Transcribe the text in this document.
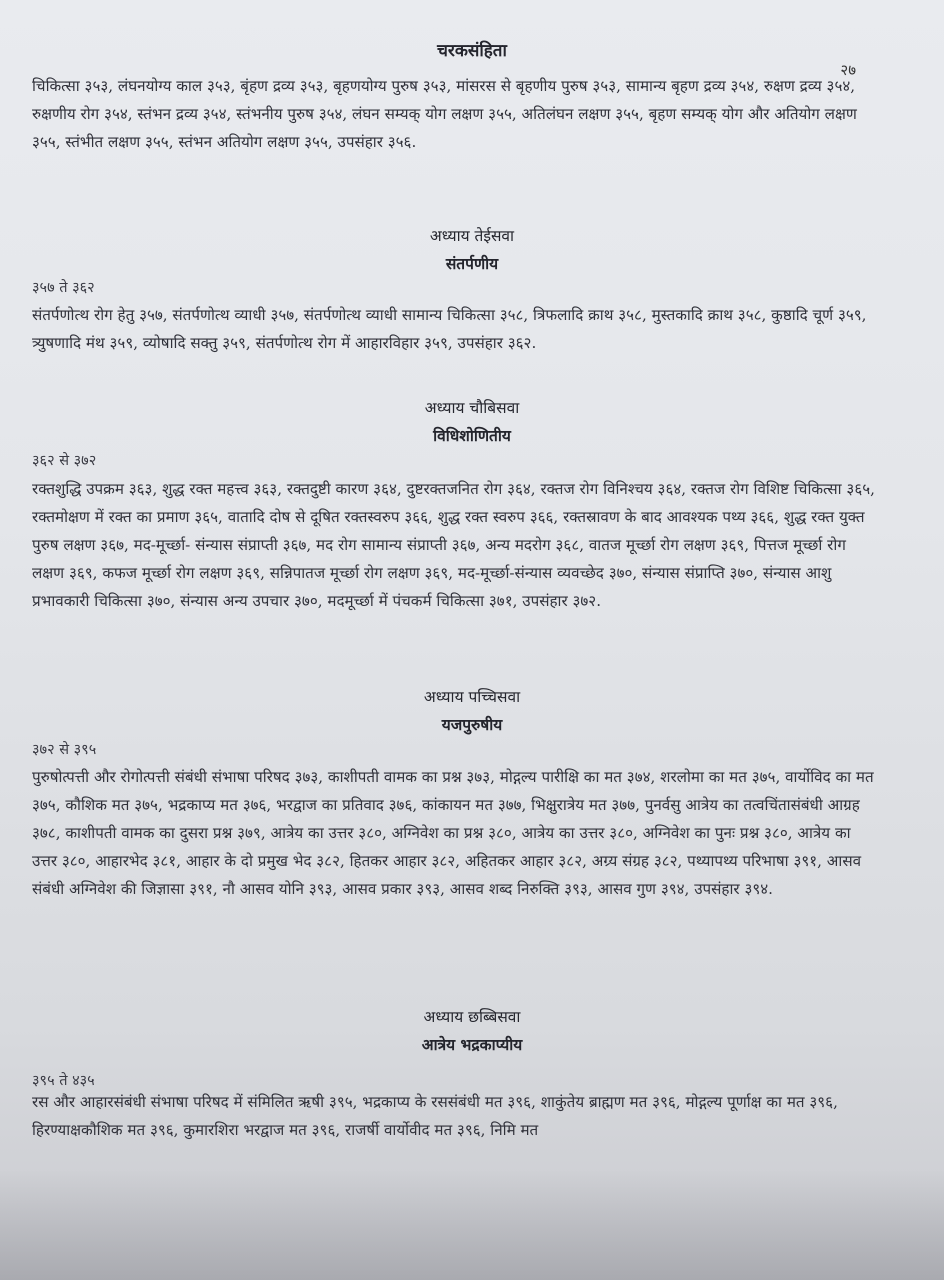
चरकसंहिता
२७
चिकित्सा ३५३, लंघनयोग्य काल ३५३, बृंहण द्रव्य ३५३, बृहणयोग्य पुरुष ३५३, मांसरस से बृहणीय पुरुष ३५३, सामान्य बृहण द्रव्य ३५४, रुक्षण द्रव्य ३५४, रुक्षणीय रोग ३५४, स्तंभन द्रव्य ३५४, स्तंभनीय पुरुष ३५४, लंघन सम्यक् योग लक्षण ३५५, अतिलंघन लक्षण ३५५, बृहण सम्यक् योग और अतियोग लक्षण ३५५, स्तंभीत लक्षण ३५५, स्तंभन अतियोग लक्षण ३५५, उपसंहार ३५६.
अध्याय तेईसवा
संतर्पणीय
३५७ ते ३६२
संतर्पणोत्थ रोग हेतु ३५७, संतर्पणोत्थ व्याधी ३५७, संतर्पणोत्थ व्याधी सामान्य चिकित्सा ३५८, त्रिफलादि क्राथ ३५८, मुस्तकादि क्राथ ३५८, कुष्ठादि चूर्ण ३५९, त्र्युषणादि मंथ ३५९, व्योषादि सक्तु ३५९, संतर्पणोत्थ रोग में आहारविहार ३५९, उपसंहार ३६२.
अध्याय चौबिसवा
विधिशोणितीय
३६२ से ३७२
रक्तशुद्धि उपक्रम ३६३, शुद्ध रक्त महत्त्व ३६३, रक्तदुष्टी कारण ३६४, दुष्टरक्तजनित रोग ३६४, रक्तज रोग विनिश्चय ३६४, रक्तज रोग विशिष्ट चिकित्सा ३६५, रक्तमोक्षण में रक्त का प्रमाण ३६५, वातादि दोष से दूषित रक्तस्वरुप ३६६, शुद्ध रक्त स्वरुप ३६६, रक्तस्रावण के बाद आवश्यक पथ्य ३६६, शुद्ध रक्त युक्त पुरुष लक्षण ३६७, मद-मूर्च्छा- संन्यास संप्राप्ती ३६७, मद रोग सामान्य संप्राप्ती ३६७, अन्य मदरोग ३६८, वातज मूर्च्छा रोग लक्षण ३६९, पित्तज मूर्च्छा रोग लक्षण ३६९, कफज मूर्च्छा रोग लक्षण ३६९, सन्निपातज मूर्च्छा रोग लक्षण ३६९, मद-मूर्च्छा-संन्यास व्यवच्छेद ३७०, संन्यास संप्राप्ति ३७०, संन्यास आशु प्रभावकारी चिकित्सा ३७०, संन्यास अन्य उपचार ३७०, मदमूर्च्छा में पंचकर्म चिकित्सा ३७१, उपसंहार ३७२.
अध्याय पच्चिसवा
यजपुरुषीय
३७२ से ३९५
पुरुषोत्पत्ती और रोगोत्पत्ती संबंधी संभाषा परिषद ३७३, काशीपती वामक का प्रश्न ३७३, मोद्गल्य पारीक्षि का मत ३७४, शरलोमा का मत ३७५, वार्योविद का मत ३७५, कौशिक मत ३७५, भद्रकाप्य मत ३७६, भरद्वाज का प्रतिवाद ३७६, कांकायन मत ३७७, भिक्षुरात्रेय मत ३७७, पुनर्वसु आत्रेय का तत्वचिंतासंबंधी आग्रह ३७८, काशीपती वामक का दुसरा प्रश्न ३७९, आत्रेय का उत्तर ३८०, अग्निवेश का प्रश्न ३८०, आत्रेय का उत्तर ३८०, अग्निवेश का पुनः प्रश्न ३८०, आत्रेय का उत्तर ३८०, आहारभेद ३८१, आहार के दो प्रमुख भेद ३८२, हितकर आहार ३८२, अहितकर आहार ३८२, अग्र्य संग्रह ३८२, पथ्यापथ्य परिभाषा ३९१, आसव संबंधी अग्निवेश की जिज्ञासा ३९१, नौ आसव योनि ३९३, आसव प्रकार ३९३, आसव शब्द निरुक्ति ३९३, आसव गुण ३९४, उपसंहार ३९४.
अध्याय छब्बिसवा
आत्रेय भद्रकाप्यीय
३९५ ते ४३५
रस और आहारसंबंधी संभाषा परिषद में संमिलित ऋषी ३९५, भद्रकाप्य के रससंबंधी मत ३९६, शाकुंतेय ब्राह्मण मत ३९६, मोद्गल्य पूर्णाक्ष का मत ३९६, हिरण्याक्षकौशिक मत ३९६, कुमारशिरा भरद्वाज मत ३९६, राजर्षी वार्योवीद मत ३९६, निमि मत
